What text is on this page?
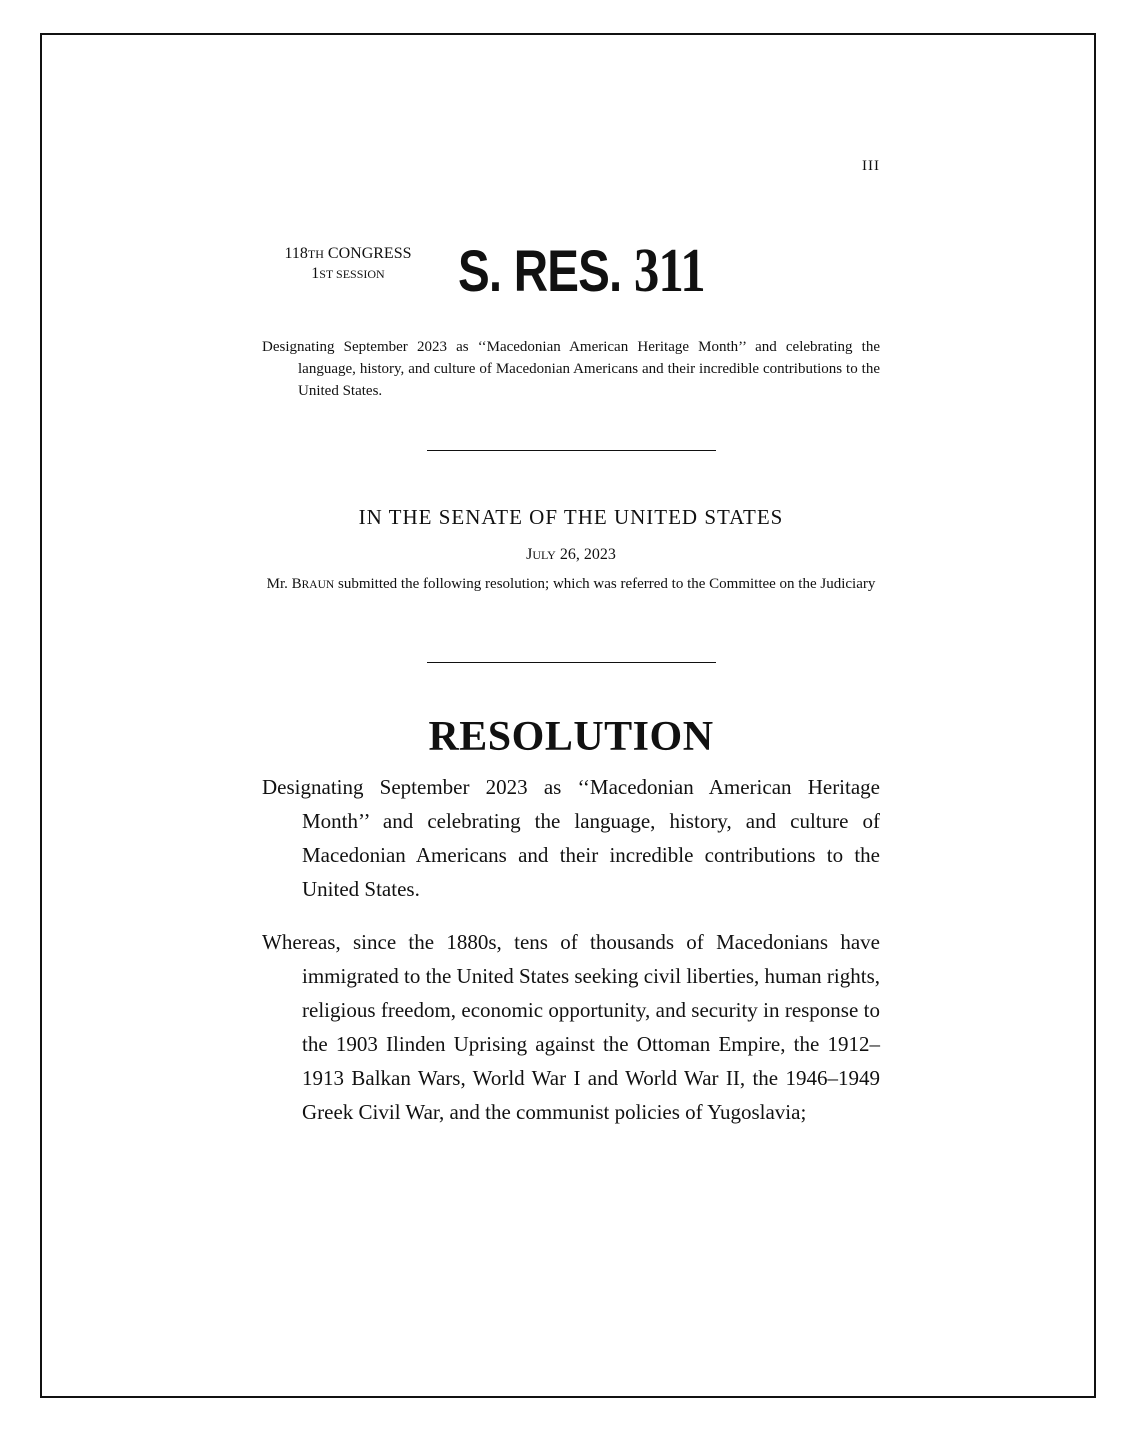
III
118TH CONGRESS
1ST SESSION	S. RES. 311
Designating September 2023 as ‘‘Macedonian American Heritage Month’’ and celebrating the language, history, and culture of Macedonian Americans and their incredible contributions to the United States.
IN THE SENATE OF THE UNITED STATES
JULY 26, 2023
Mr. BRAUN submitted the following resolution; which was referred to the Committee on the Judiciary
RESOLUTION

Designating September 2023 as ‘‘Macedonian American Heritage Month’’ and celebrating the language, history, and culture of Macedonian Americans and their incredible contributions to the United States.

Whereas, since the 1880s, tens of thousands of Macedonians have immigrated to the United States seeking civil liberties, human rights, religious freedom, economic opportunity, and security in response to the 1903 Ilinden Uprising against the Ottoman Empire, the 1912–1913 Balkan Wars, World War I and World War II, the 1946–1949 Greek Civil War, and the communist policies of Yugoslavia;
